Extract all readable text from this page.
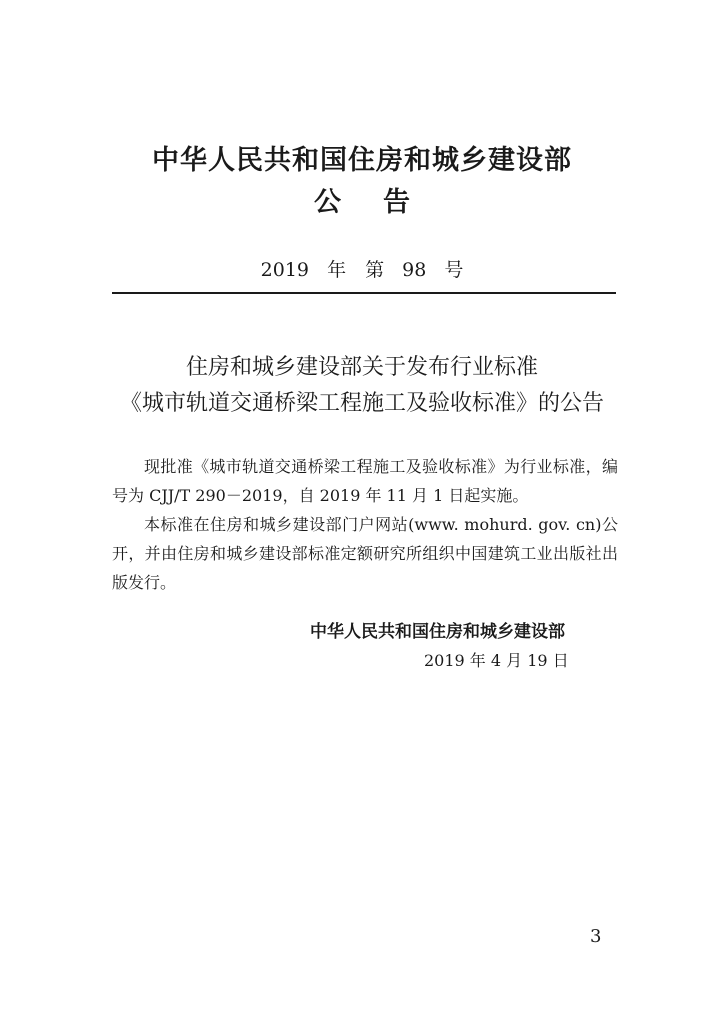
中华人民共和国住房和城乡建设部
公告
2019 年　第 98 号
住房和城乡建设部关于发布行业标准
《城市轨道交通桥梁工程施工及验收标准》的公告

现批准《城市轨道交通桥梁工程施工及验收标准》为行业标准，编号为 CJJ/T 290－2019，自 2019 年 11 月 1 日起实施。

本标准在住房和城乡建设部门户网站(www. mohurd. gov. cn)公开，并由住房和城乡建设部标准定额研究所组织中国建筑工业出版社出版发行。

中华人民共和国住房和城乡建设部
2019 年 4 月 19 日
3
